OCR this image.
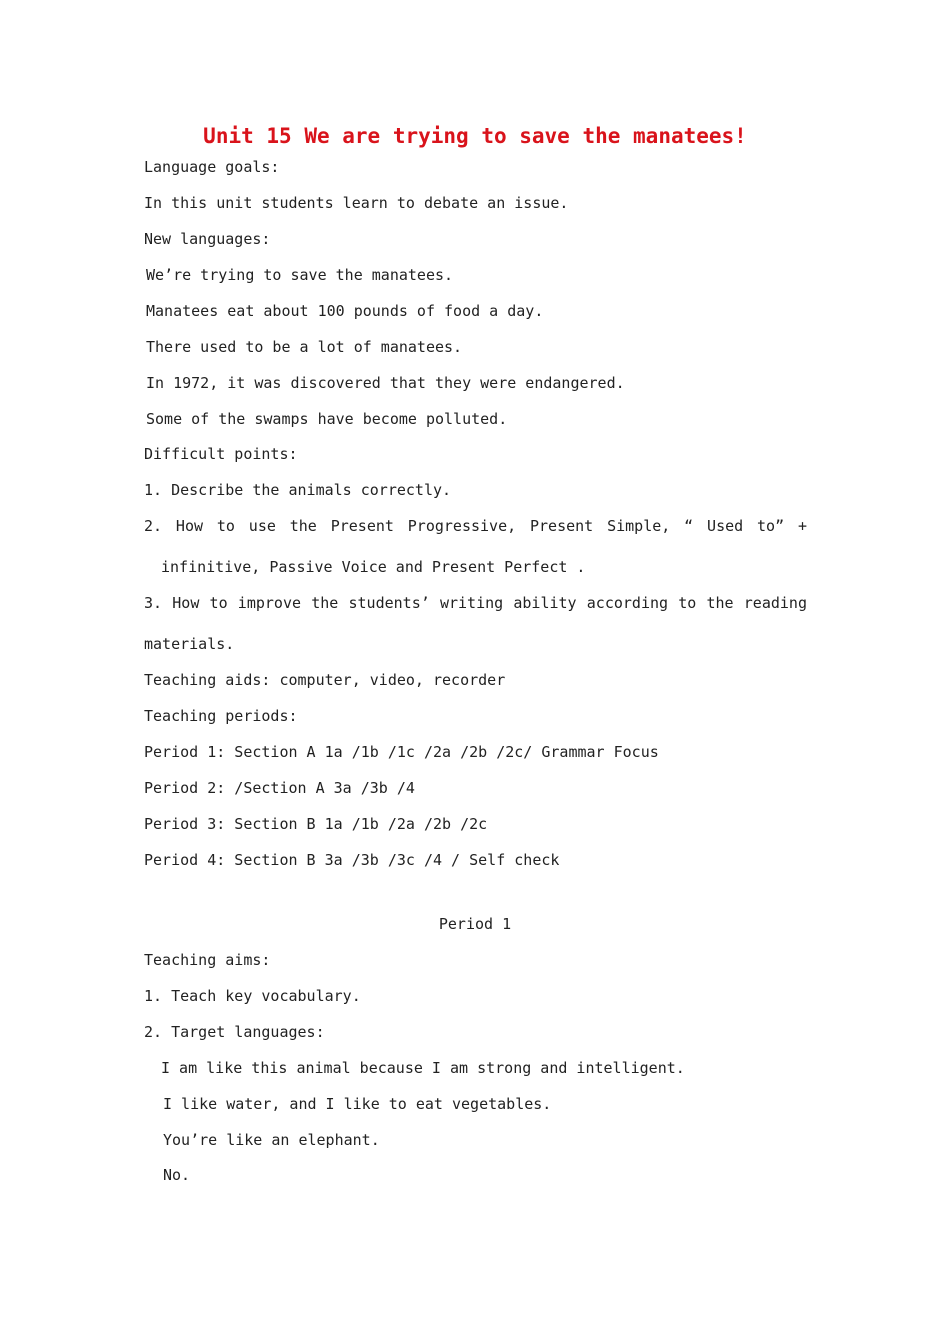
Unit 15 We are trying to save the manatees!
Language goals:
In this unit students learn to debate an issue.
New languages:
We’re trying to save the manatees.
Manatees eat about 100 pounds of food a day.
There used to be a lot of manatees.
In 1972, it was discovered that they were endangered.
Some of the swamps have become polluted.
Difficult points:
1. Describe the animals correctly.
2. How to use the Present Progressive, Present Simple, “ Used to” +
infinitive, Passive Voice and Present Perfect .
3. How to improve the students’ writing ability according to the reading
materials.
Teaching aids: computer, video, recorder
Teaching periods:
Period 1: Section A 1a /1b /1c /2a /2b /2c/ Grammar Focus
Period 2: /Section A 3a /3b /4
Period 3: Section B 1a /1b /2a /2b /2c
Period 4: Section B 3a /3b /3c /4 / Self check
Period 1
Teaching aims:
1. Teach key vocabulary.
2. Target languages:
I am like this animal because I am strong and intelligent.
I like water, and I like to eat vegetables.
You’re like an elephant.
No.
